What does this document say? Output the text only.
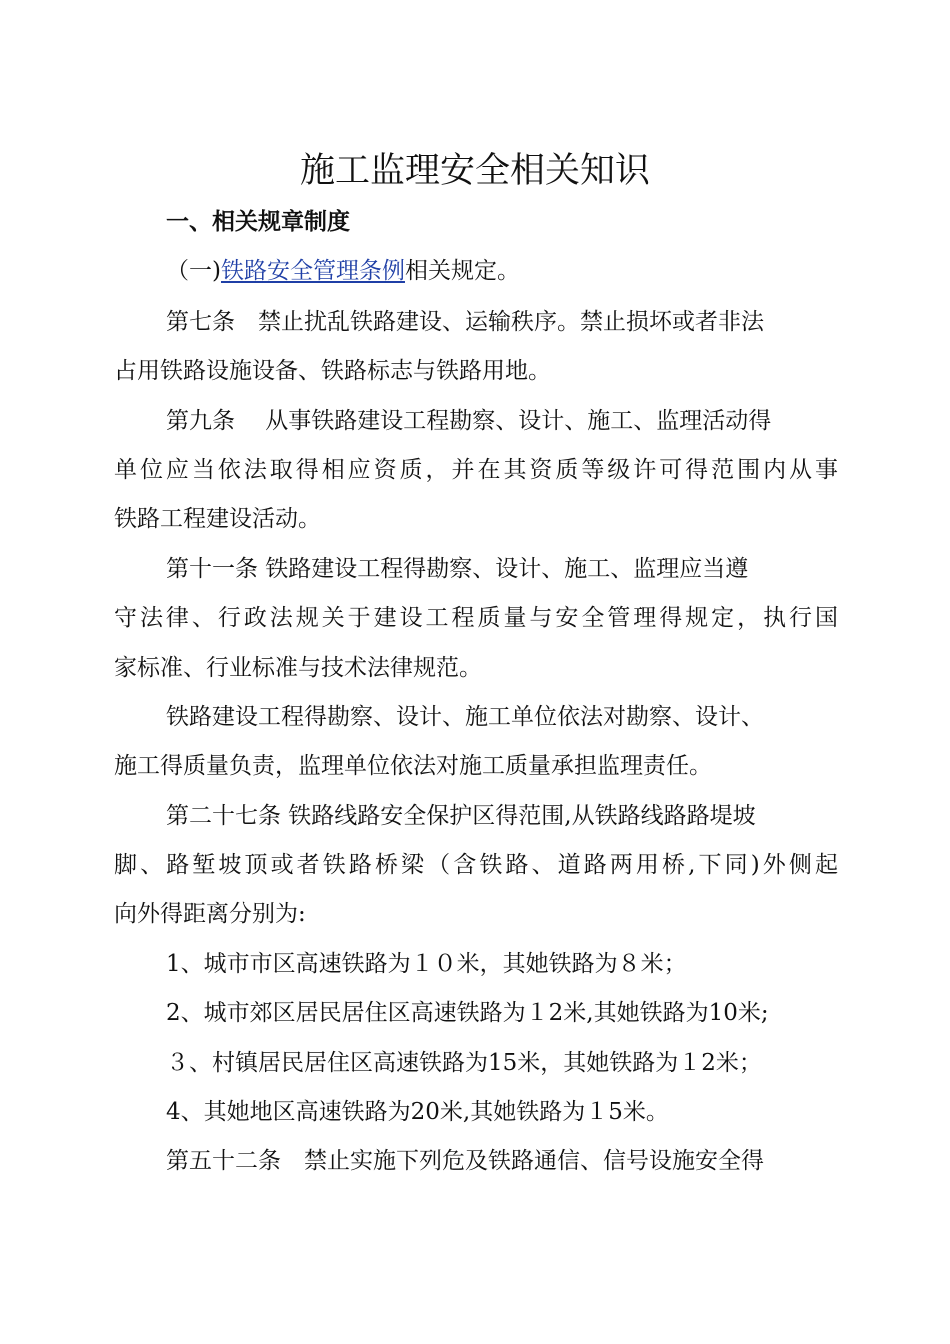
施工监理安全相关知识
一、相关规章制度
（一)铁路安全管理条例相关规定。
第七条　禁止扰乱铁路建设、运输秩序。禁止损坏或者非法
占用铁路设施设备、铁路标志与铁路用地。
第九条　 从事铁路建设工程勘察、设计、施工、监理活动得
单位应当依法取得相应资质，并在其资质等级许可得范围内从事
铁路工程建设活动。
第十一条 铁路建设工程得勘察、设计、施工、监理应当遵
守法律、行政法规关于建设工程质量与安全管理得规定，执行国
家标准、行业标准与技术法律规范。
铁路建设工程得勘察、设计、施工单位依法对勘察、设计、
施工得质量负责，监理单位依法对施工质量承担监理责任。
第二十七条 铁路线路安全保护区得范围,从铁路线路路堤坡
脚、路堑坡顶或者铁路桥梁（含铁路、道路两用桥,下同)外侧起
向外得距离分别为:
1、城市市区高速铁路为１０米，其她铁路为８米；
2、城市郊区居民居住区高速铁路为１2米,其她铁路为10米;
３、村镇居民居住区高速铁路为15米，其她铁路为１2米；
4、其她地区高速铁路为20米,其她铁路为１5米。
第五十二条　禁止实施下列危及铁路通信、信号设施安全得
